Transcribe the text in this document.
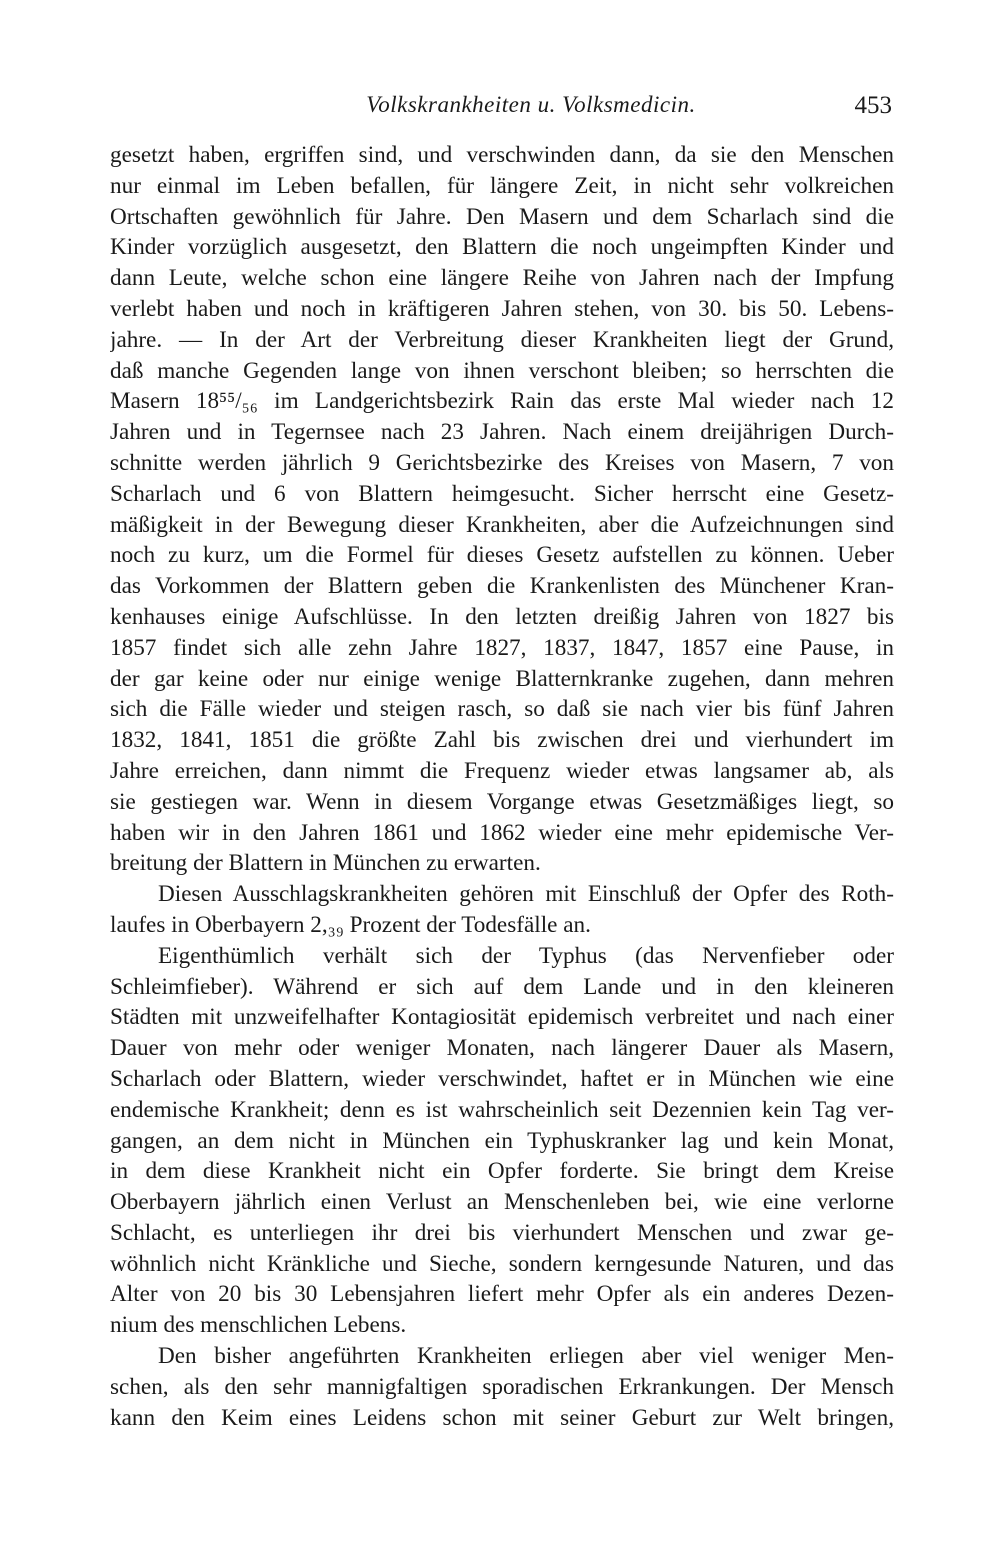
Volkskrankheiten u. Volksmedicin.	453
gesetzt haben, ergriffen sind, und verschwinden dann, da sie den Menschen
nur einmal im Leben befallen, für längere Zeit, in nicht sehr volkreichen
Ortschaften gewöhnlich für Jahre. Den Masern und dem Scharlach sind die
Kinder vorzüglich ausgesetzt, den Blattern die noch ungeimpften Kinder und
dann Leute, welche schon eine längere Reihe von Jahren nach der Impfung
verlebt haben und noch in kräftigeren Jahren stehen, von 30. bis 50. Lebens-
jahre. — In der Art der Verbreitung dieser Krankheiten liegt der Grund,
daß manche Gegenden lange von ihnen verschont bleiben; so herrschten die
Masern 18⁵⁵/₅₆ im Landgerichtsbezirk Rain das erste Mal wieder nach 12
Jahren und in Tegernsee nach 23 Jahren. Nach einem dreijährigen Durch-
schnitte werden jährlich 9 Gerichtsbezirke des Kreises von Masern, 7 von
Scharlach und 6 von Blattern heimgesucht. Sicher herrscht eine Gesetz-
mäßigkeit in der Bewegung dieser Krankheiten, aber die Aufzeichnungen sind
noch zu kurz, um die Formel für dieses Gesetz aufstellen zu können. Ueber
das Vorkommen der Blattern geben die Krankenlisten des Münchener Kran-
kenhauses einige Aufschlüsse. In den letzten dreißig Jahren von 1827 bis
1857 findet sich alle zehn Jahre 1827, 1837, 1847, 1857 eine Pause, in
der gar keine oder nur einige wenige Blatternkranke zugehen, dann mehren
sich die Fälle wieder und steigen rasch, so daß sie nach vier bis fünf Jahren
1832, 1841, 1851 die größte Zahl bis zwischen drei und vierhundert im
Jahre erreichen, dann nimmt die Frequenz wieder etwas langsamer ab, als
sie gestiegen war. Wenn in diesem Vorgange etwas Gesetzmäßiges liegt, so
haben wir in den Jahren 1861 und 1862 wieder eine mehr epidemische Ver-
breitung der Blattern in München zu erwarten.
Diesen Ausschlagskrankheiten gehören mit Einschluß der Opfer des Roth-
laufes in Oberbayern 2,₃₉ Prozent der Todesfälle an.
Eigenthümlich verhält sich der Typhus (das Nervenfieber oder
Schleimfieber). Während er sich auf dem Lande und in den kleineren
Städten mit unzweifelhafter Kontagiosität epidemisch verbreitet und nach einer
Dauer von mehr oder weniger Monaten, nach längerer Dauer als Masern,
Scharlach oder Blattern, wieder verschwindet, haftet er in München wie eine
endemische Krankheit; denn es ist wahrscheinlich seit Dezennien kein Tag ver-
gangen, an dem nicht in München ein Typhuskranker lag und kein Monat,
in dem diese Krankheit nicht ein Opfer forderte. Sie bringt dem Kreise
Oberbayern jährlich einen Verlust an Menschenleben bei, wie eine verlorne
Schlacht, es unterliegen ihr drei bis vierhundert Menschen und zwar ge-
wöhnlich nicht Kränkliche und Sieche, sondern kerngesunde Naturen, und das
Alter von 20 bis 30 Lebensjahren liefert mehr Opfer als ein anderes Dezen-
nium des menschlichen Lebens.
Den bisher angeführten Krankheiten erliegen aber viel weniger Men-
schen, als den sehr mannigfaltigen sporadischen Erkrankungen. Der Mensch
kann den Keim eines Leidens schon mit seiner Geburt zur Welt bringen,
